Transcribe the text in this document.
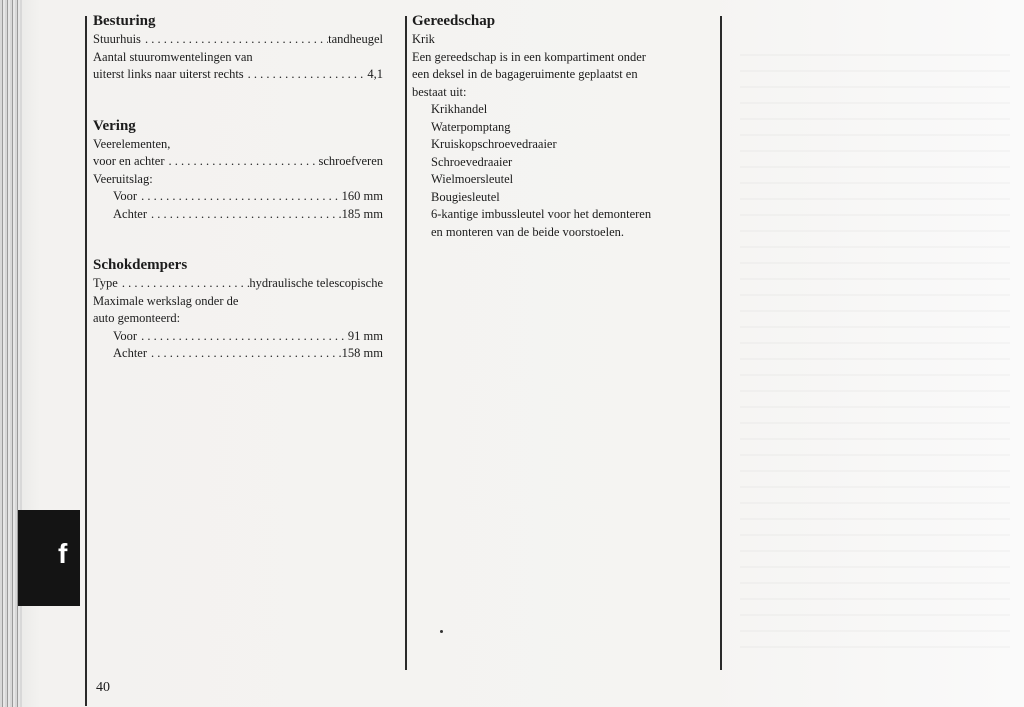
Besturing
Stuurhuis . . .	tandheugel
Aantal stuuromwentelingen van
uiterst links naar uiterst rechts . . .	4,1
Vering
Veerelementen,
voor en achter . . .	schroefveren
Veeruitslag:
Voor . . .	160 mm
Achter . . .	185 mm
Schokdempers
Type . . .	hydraulische telescopische
Maximale werkslag onder de
auto gemonteerd:
Voor . . .	91 mm
Achter . . .	158 mm
Gereedschap
Krik
Een gereedschap is in een kompartiment onder
een deksel in de bagageruimente geplaatst en
bestaat uit:
Krikhandel
Waterpomptang
Kruiskopschroevedraaier
Schroevedraaier
Wielmoersleutel
Bougiesleutel
6-kantige imbussleutel voor het demonteren
en monteren van de beide voorstoelen.
f
40
